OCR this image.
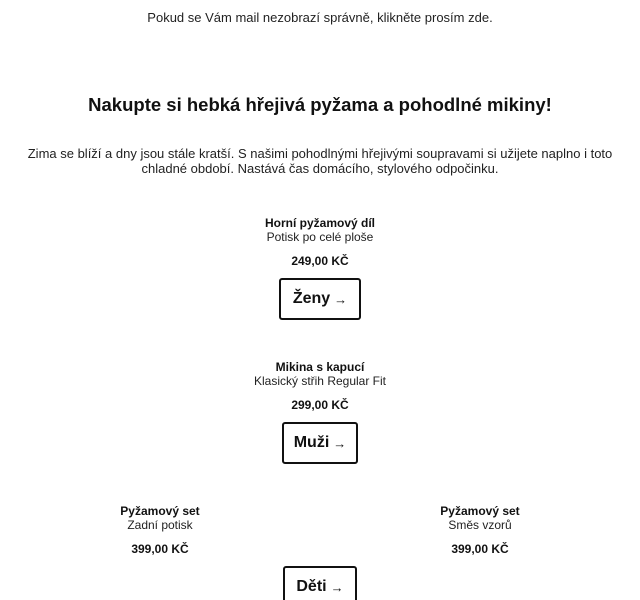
Pokud se Vám mail nezobrazí správně, klikněte prosím zde.
Nakupte si hebká hřejivá pyžama a pohodlné mikiny!
Zima se blíží a dny jsou stále kratší. S našimi pohodlnými hřejivými soupravami si užijete naplno i toto chladné období. Nastává čas domácího, stylového odpočinku.
Horní pyžamový díl
Potisk po celé ploše
249,00 KČ
Ženy →
Mikina s kapucí
Klasický střih Regular Fit
299,00 KČ
Muži →
Pyžamový set
Zadní potisk
399,00 KČ
Pyžamový set
Směs vzorů
399,00 KČ
Děti →
